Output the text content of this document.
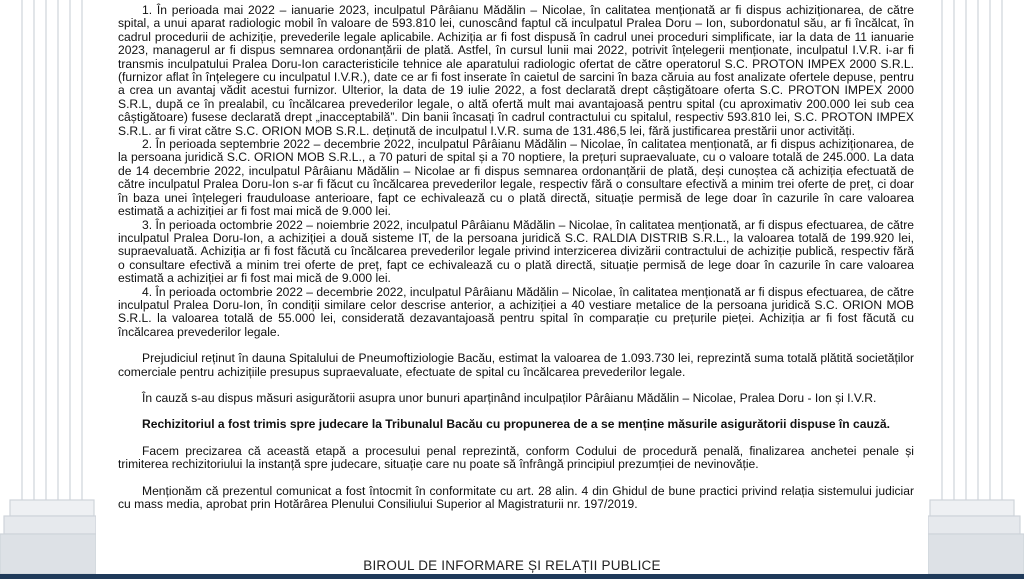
1. În perioada mai 2022 – ianuarie 2023, inculpatul Pârâianu Mădălin – Nicolae, în calitatea menționată ar fi dispus achiziționarea, de către spital, a unui aparat radiologic mobil în valoare de 593.810 lei, cunoscând faptul că inculpatul Pralea Doru – Ion, subordonatul său, ar fi încălcat, în cadrul procedurii de achiziție, prevederile legale aplicabile. Achiziția ar fi fost dispusă în cadrul unei proceduri simplificate, iar la data de 11 ianuarie 2023, managerul ar fi dispus semnarea ordonanțării de plată. Astfel, în cursul lunii mai 2022, potrivit înțelegerii menționate, inculpatul I.V.R. i-ar fi transmis inculpatului Pralea Doru-Ion caracteristicile tehnice ale aparatului radiologic ofertat de către operatorul S.C. PROTON IMPEX 2000 S.R.L. (furnizor aflat în înțelegere cu inculpatul I.V.R.), date ce ar fi fost inserate în caietul de sarcini în baza căruia au fost analizate ofertele depuse, pentru a crea un avantaj vădit acestui furnizor. Ulterior, la data de 19 iulie 2022, a fost declarată drept câștigătoare oferta S.C. PROTON IMPEX 2000 S.R.L, după ce în prealabil, cu încălcarea prevederilor legale, o altă ofertă mult mai avantajoasă pentru spital (cu aproximativ 200.000 lei sub cea câștigătoare) fusese declarată drept „inacceptabilă”. Din banii încasați în cadrul contractului cu spitalul, respectiv 593.810 lei, S.C. PROTON IMPEX S.R.L. ar fi virat către S.C. ORION MOB S.R.L. deținută de inculpatul I.V.R. suma de 131.486,5 lei, fără justificarea prestării unor activități.

2. În perioada septembrie 2022 – decembrie 2022, inculpatul Pârâianu Mădălin – Nicolae, în calitatea menționată, ar fi dispus achiziționarea, de la persoana juridică S.C. ORION MOB S.R.L., a 70 paturi de spital și a 70 noptiere, la prețuri supraevaluate, cu o valoare totală de 245.000. La data de 14 decembrie 2022, inculpatul Pârâianu Mădălin – Nicolae ar fi dispus semnarea ordonanțării de plată, deși cunoștea că achiziția efectuată de către inculpatul Pralea Doru-Ion s-ar fi făcut cu încălcarea prevederilor legale, respectiv fără o consultare efectivă a minim trei oferte de preț, ci doar în baza unei înțelegeri frauduloase anterioare, fapt ce echivalează cu o plată directă, situație permisă de lege doar în cazurile în care valoarea estimată a achiziției ar fi fost mai mică de 9.000 lei.

3. În perioada octombrie 2022 – noiembrie 2022, inculpatul Pârâianu Mădălin – Nicolae, în calitatea menționată, ar fi dispus efectuarea, de către inculpatul Pralea Doru-Ion, a achiziției a două sisteme IT, de la persoana juridică S.C. RALDIA DISTRIB S.R.L., la valoarea totală de 199.920 lei, supraevaluată. Achiziția ar fi fost făcută cu încălcarea prevederilor legale privind interzicerea divizării contractului de achiziție publică, respectiv fără o consultare efectivă a minim trei oferte de preț, fapt ce echivalează cu o plată directă, situație permisă de lege doar în cazurile în care valoarea estimată a achiziției ar fi fost mai mică de 9.000 lei.

4. În perioada octombrie 2022 – decembrie 2022, inculpatul Pârâianu Mădălin – Nicolae, în calitatea menționată ar fi dispus efectuarea, de către inculpatul Pralea Doru-Ion, în condiții similare celor descrise anterior, a achiziției a 40 vestiare metalice de la persoana juridică S.C. ORION MOB S.R.L. la valoarea totală de 55.000 lei, considerată dezavantajoasă pentru spital în comparație cu prețurile pieței. Achiziția ar fi fost făcută cu încălcarea prevederilor legale.

Prejudiciul reținut în dauna Spitalului de Pneumoftiziologie Bacău, estimat la valoarea de 1.093.730 lei, reprezintă suma totală plătită societăților comerciale pentru achizițiile presupus supraevaluate, efectuate de spital cu încălcarea prevederilor legale.

În cauză s-au dispus măsuri asigurătorii asupra unor bunuri aparținând inculpaților Pârâianu Mădălin – Nicolae, Pralea Doru - Ion și I.V.R.

Rechizitoriul a fost trimis spre judecare la Tribunalul Bacău cu propunerea de a se menține măsurile asigurătorii dispuse în cauză.

Facem precizarea că această etapă a procesului penal reprezintă, conform Codului de procedură penală, finalizarea anchetei penale și trimiterea rechizitoriului la instanță spre judecare, situație care nu poate să înfrângă principiul prezumției de nevinovăție.

Menționăm că prezentul comunicat a fost întocmit în conformitate cu art. 28 alin. 4 din Ghidul de bune practici privind relația sistemului judiciar cu mass media, aprobat prin Hotărârea Plenului Consiliului Superior al Magistraturii nr. 197/2019.

BIROUL DE INFORMARE ȘI RELAȚII PUBLICE
